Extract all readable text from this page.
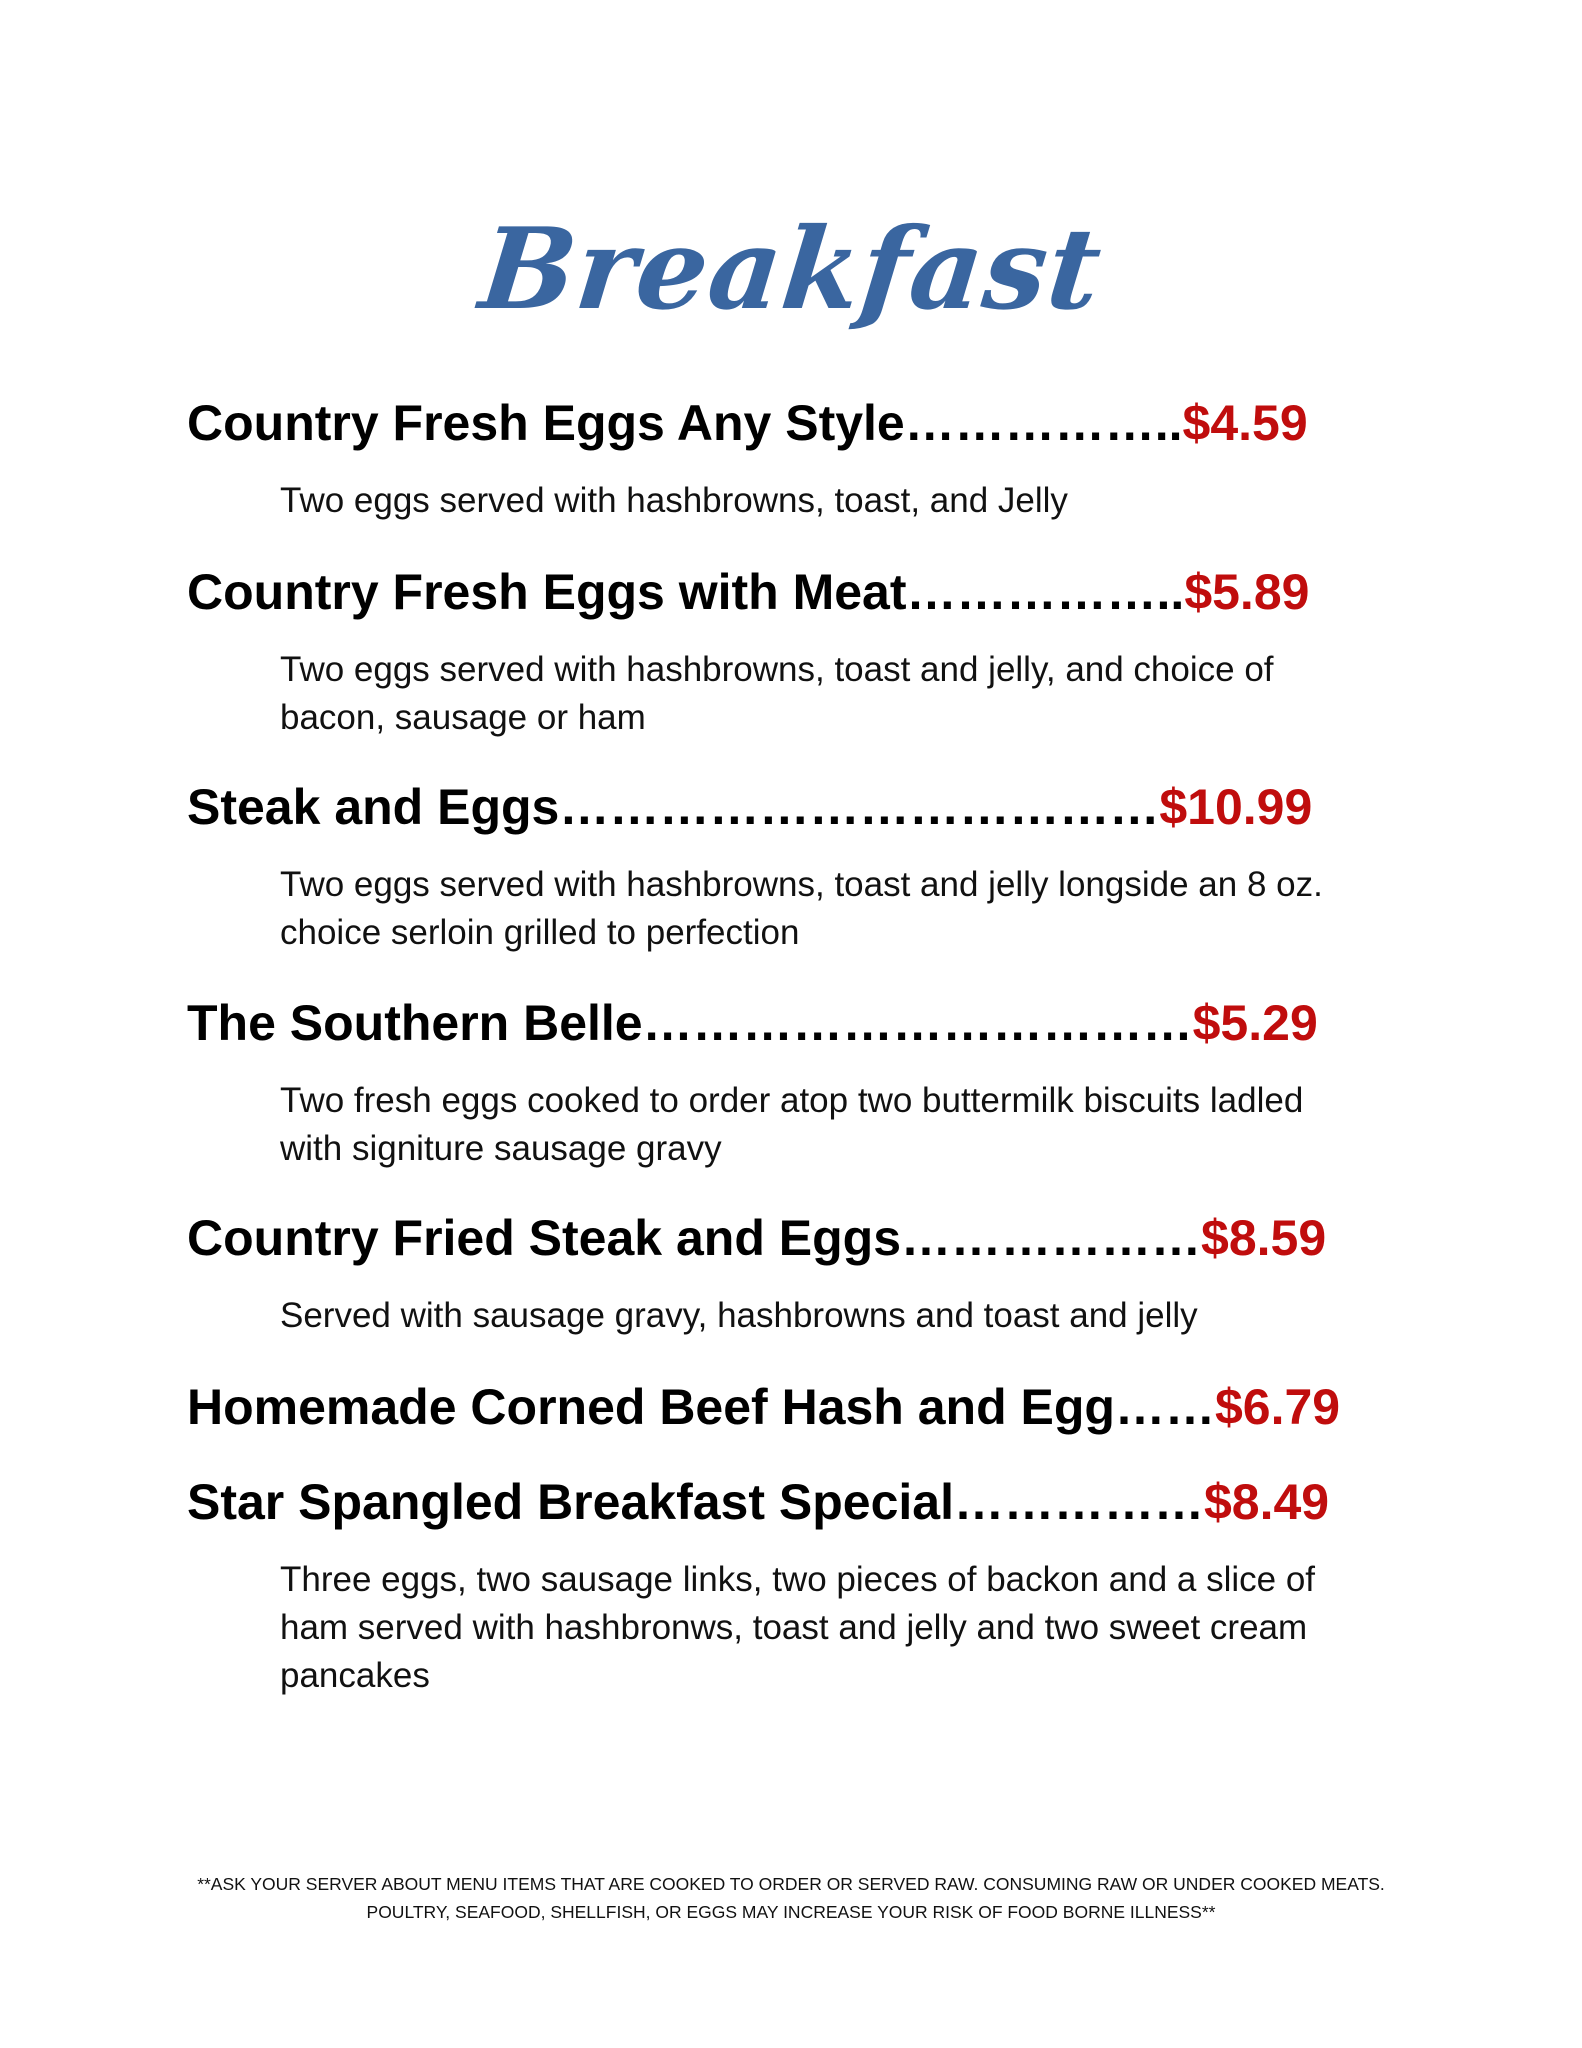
Breakfast
Country Fresh Eggs Any Style……………..$4.59
Two eggs served with hashbrowns, toast, and Jelly
Country Fresh Eggs with Meat……………..$5.89
Two eggs served with hashbrowns, toast and jelly, and choice of bacon, sausage or ham
Steak and Eggs………………………………$10.99
Two eggs served with hashbrowns, toast and jelly longside an 8 oz. choice serloin grilled to perfection
The Southern Belle……………………………$5.29
Two fresh eggs cooked to order atop two buttermilk biscuits ladled with signiture sausage gravy
Country Fried Steak and Eggs………………$8.59
Served with sausage gravy, hashbrowns and toast and jelly
Homemade Corned Beef Hash and Egg……$6.79
Star Spangled Breakfast Special……………$8.49
Three eggs, two sausage links, two pieces of backon and a slice of ham served with hashbronws, toast and jelly and two sweet cream pancakes
**ASK YOUR SERVER ABOUT MENU ITEMS THAT ARE COOKED TO ORDER OR SERVED RAW. CONSUMING RAW OR UNDER COOKED MEATS.
POULTRY, SEAFOOD, SHELLFISH, OR EGGS MAY INCREASE YOUR RISK OF FOOD BORNE ILLNESS**
